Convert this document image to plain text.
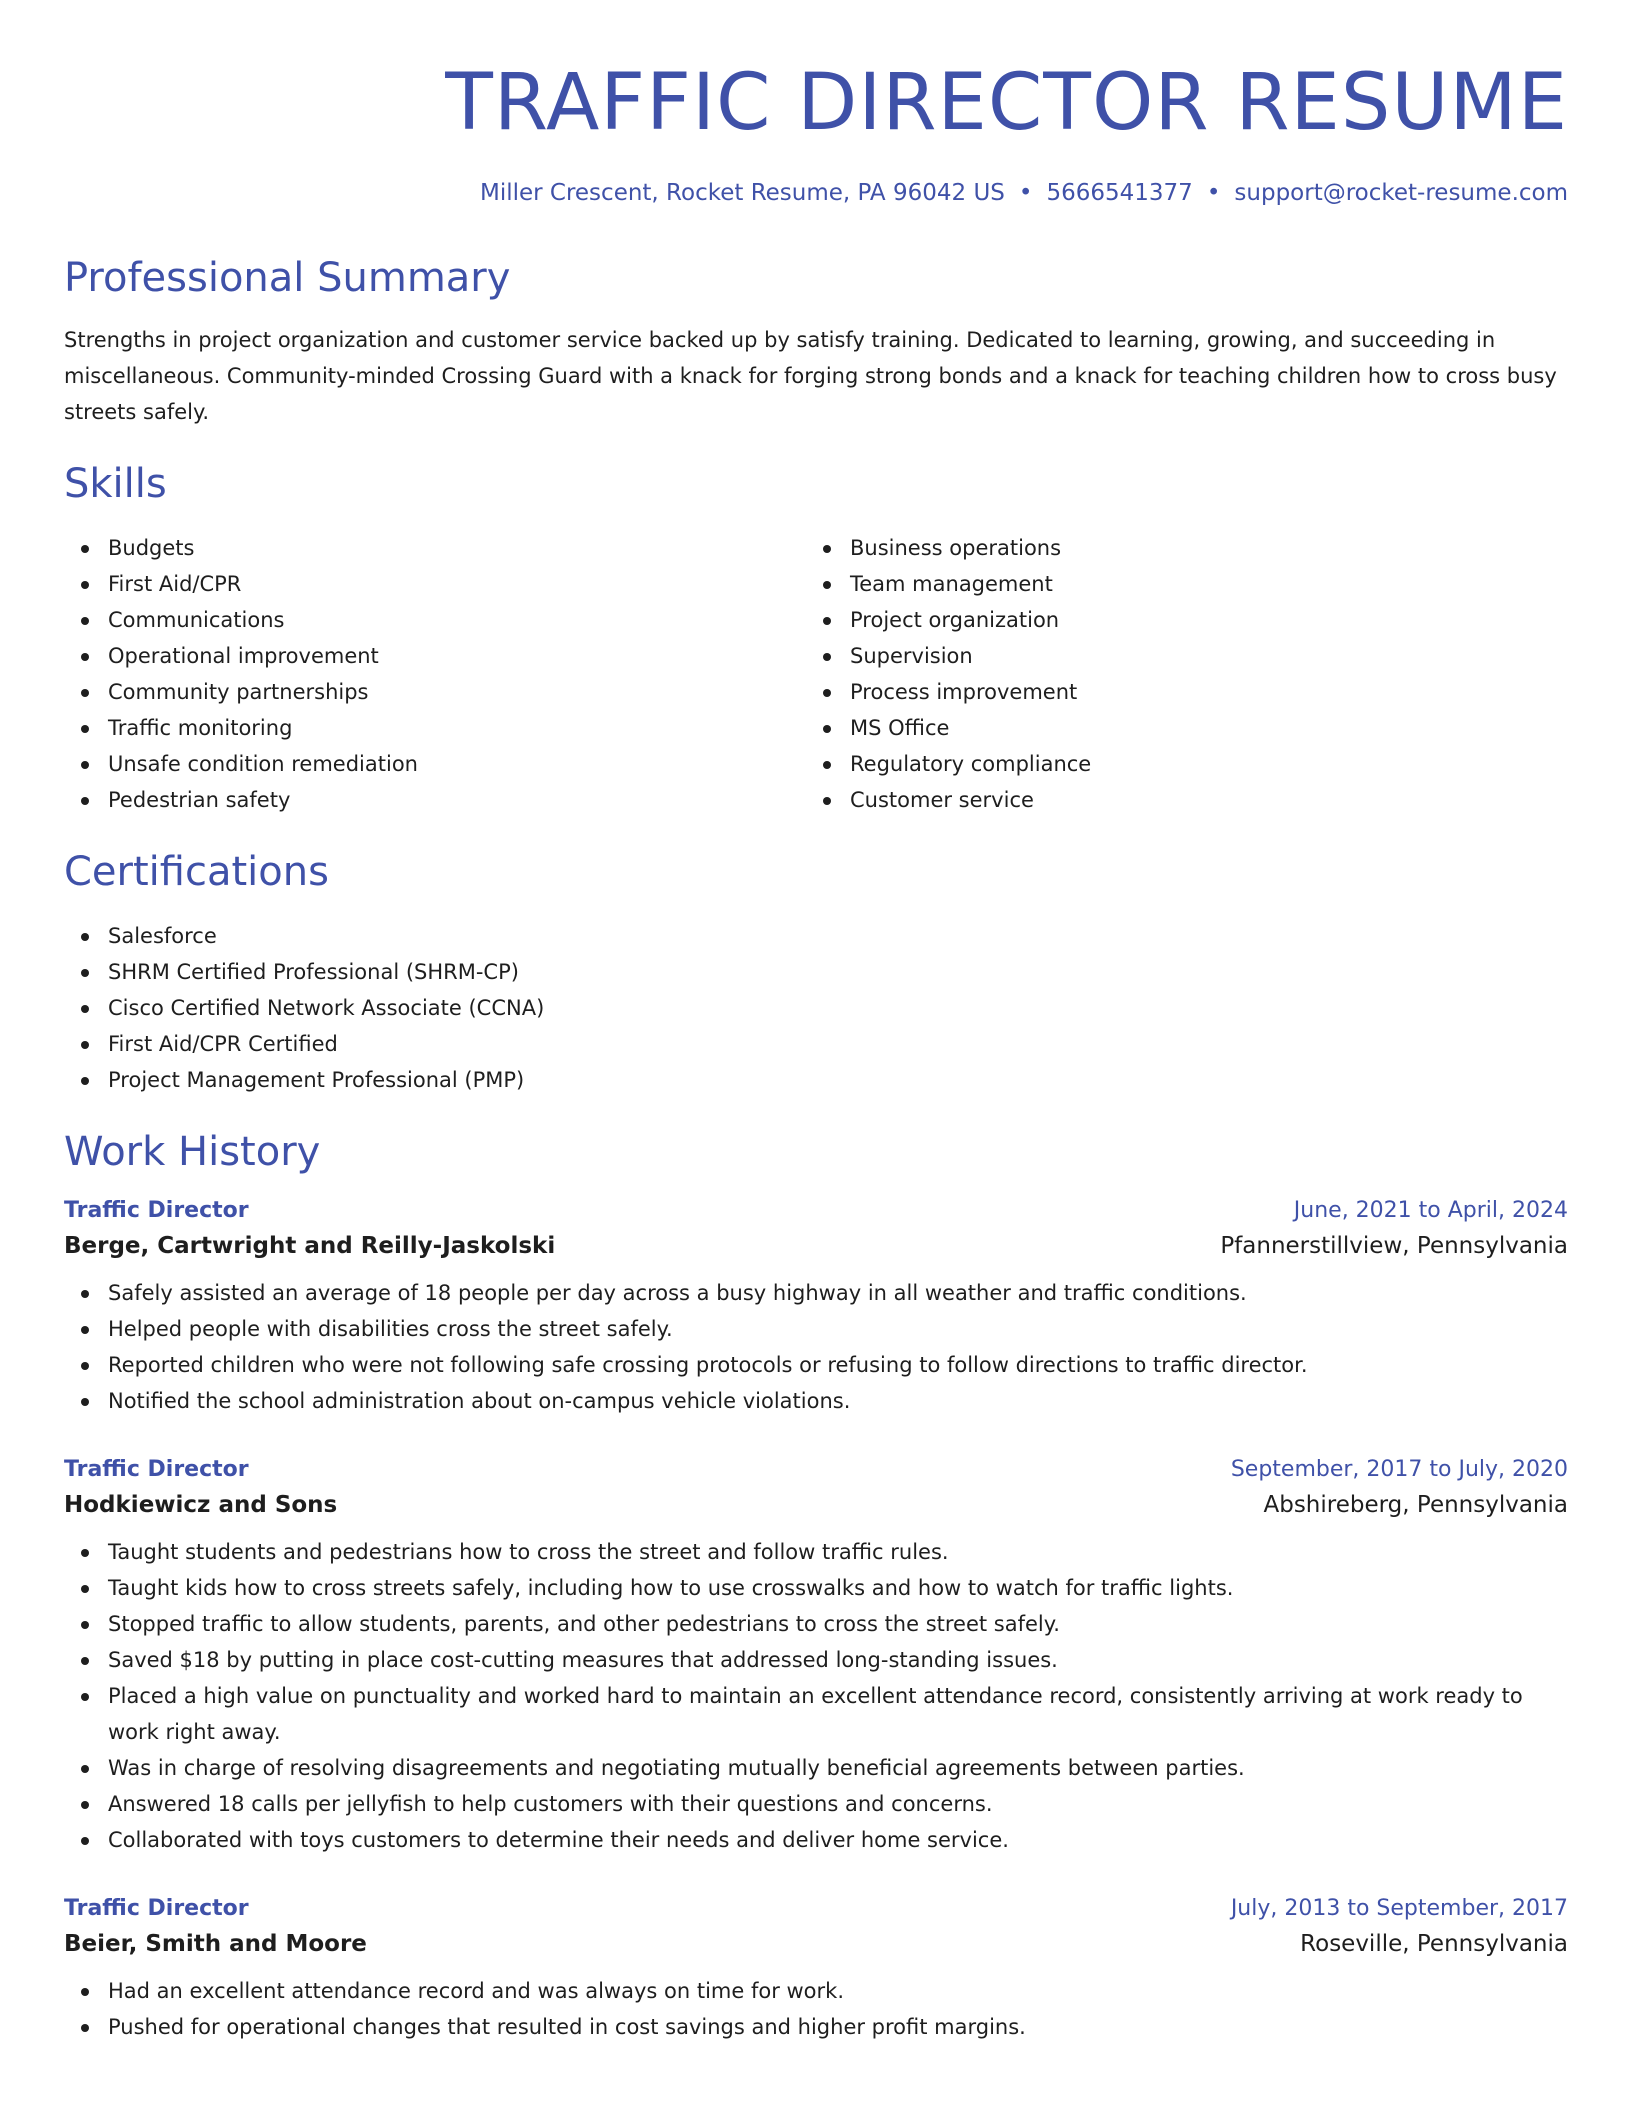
TRAFFIC DIRECTOR RESUME
Miller Crescent, Rocket Resume, PA 96042 US • 5666541377 • support@rocket-resume.com
Professional Summary

Strengths in project organization and customer service backed up by satisfy training. Dedicated to learning, growing, and succeeding in miscellaneous. Community-minded Crossing Guard with a knack for forging strong bonds and a knack for teaching children how to cross busy streets safely.

Skills
Budgets
First Aid/CPR
Communications
Operational improvement
Community partnerships
Traffic monitoring
Unsafe condition remediation
Pedestrian safety
Business operations
Team management
Project organization
Supervision
Process improvement
MS Office
Regulatory compliance
Customer service
Certifications
Salesforce
SHRM Certified Professional (SHRM-CP)
Cisco Certified Network Associate (CCNA)
First Aid/CPR Certified
Project Management Professional (PMP)
Work History
Traffic Director	June, 2021 to April, 2024
Berge, Cartwright and Reilly-Jaskolski	Pfannerstillview, Pennsylvania
Safely assisted an average of 18 people per day across a busy highway in all weather and traffic conditions.
Helped people with disabilities cross the street safely.
Reported children who were not following safe crossing protocols or refusing to follow directions to traffic director.
Notified the school administration about on-campus vehicle violations.
Traffic Director	September, 2017 to July, 2020
Hodkiewicz and Sons	Abshireberg, Pennsylvania
Taught students and pedestrians how to cross the street and follow traffic rules.
Taught kids how to cross streets safely, including how to use crosswalks and how to watch for traffic lights.
Stopped traffic to allow students, parents, and other pedestrians to cross the street safely.
Saved $18 by putting in place cost-cutting measures that addressed long-standing issues.
Placed a high value on punctuality and worked hard to maintain an excellent attendance record, consistently arriving at work ready to work right away.
Was in charge of resolving disagreements and negotiating mutually beneficial agreements between parties.
Answered 18 calls per jellyfish to help customers with their questions and concerns.
Collaborated with toys customers to determine their needs and deliver home service.
Traffic Director	July, 2013 to September, 2017
Beier, Smith and Moore	Roseville, Pennsylvania
Had an excellent attendance record and was always on time for work.
Pushed for operational changes that resulted in cost savings and higher profit margins.
